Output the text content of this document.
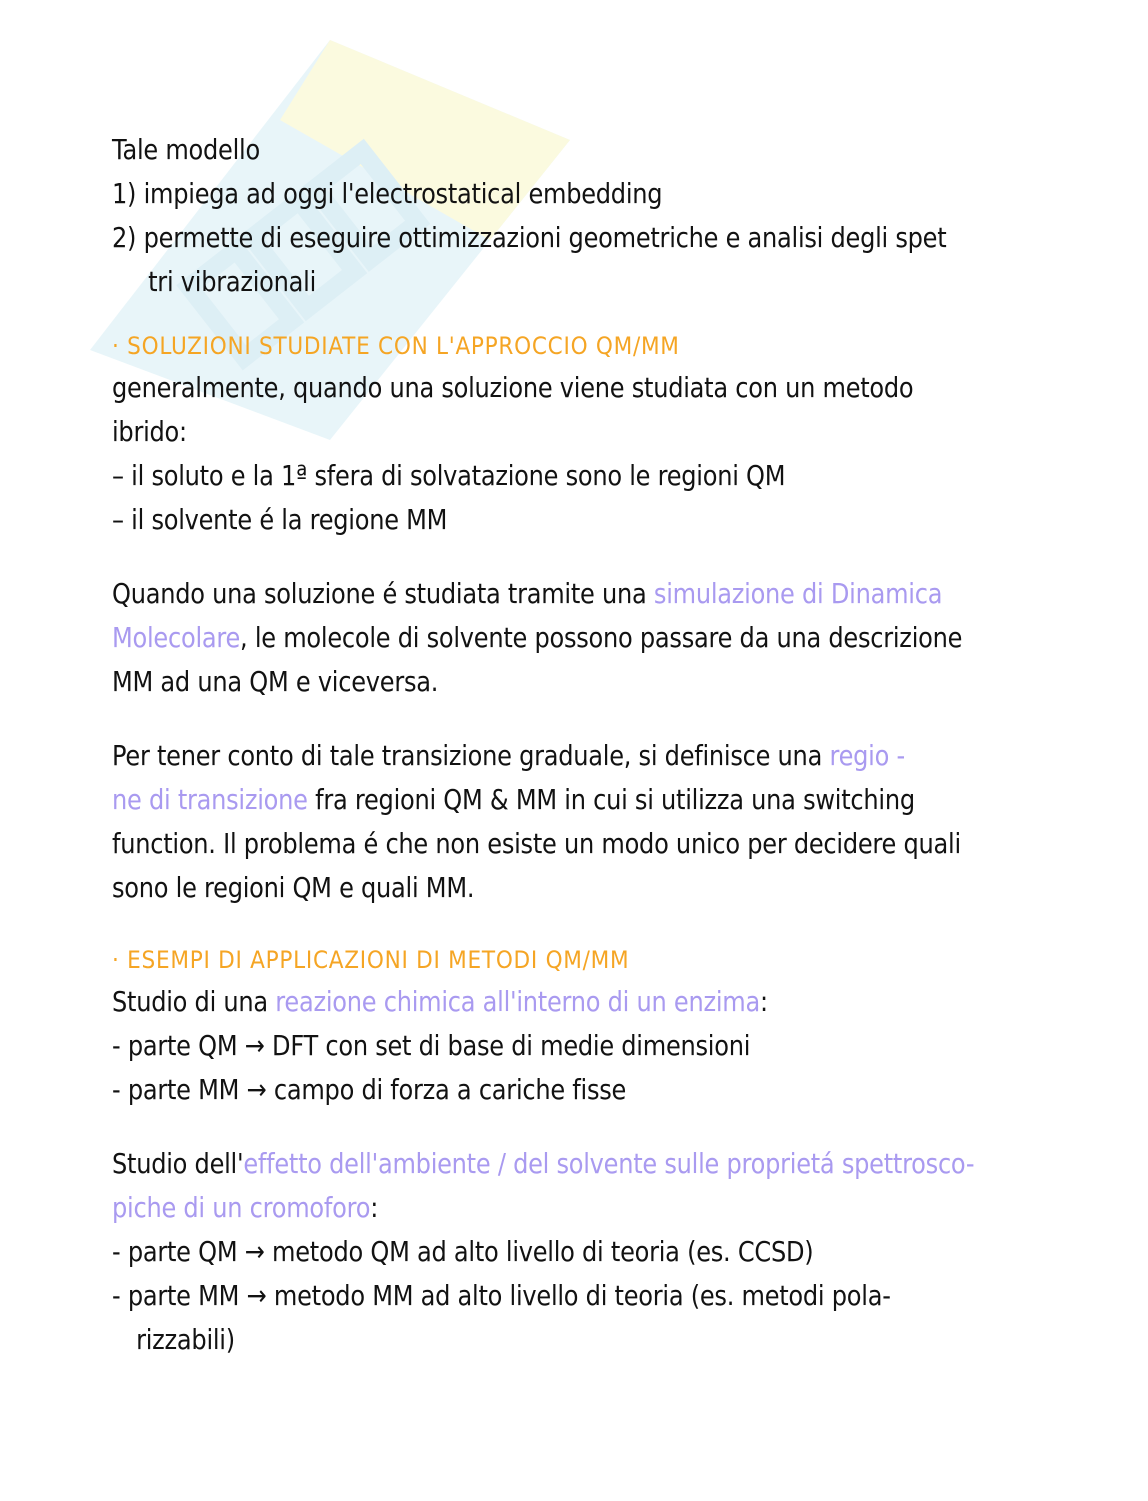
Tale modello
1) impiega ad oggi l'electrostatical embedding
2) permette di eseguire ottimizzazioni geometriche e analisi degli spet
tri vibrazionali
· SOLUZIONI STUDIATE CON L'APPROCCIO QM/MM
generalmente, quando una soluzione viene studiata con un metodo
ibrido:
– il soluto e la 1ª sfera di solvatazione sono le regioni QM
– il solvente é la regione MM
Quando una soluzione é studiata tramite una simulazione di Dinamica
Molecolare, le molecole di solvente possono passare da una descrizione
MM ad una QM e viceversa.
Per tener conto di tale transizione graduale, si definisce una regio -
ne di transizione fra regioni QM & MM in cui si utilizza una switching
function. Il problema é che non esiste un modo unico per decidere quali
sono le regioni QM e quali MM.
· ESEMPI DI APPLICAZIONI DI METODI QM/MM
Studio di una reazione chimica all'interno di un enzima:
- parte QM → DFT con set di base di medie dimensioni
- parte MM → campo di forza a cariche fisse
Studio dell'effetto dell'ambiente / del solvente sulle proprietá spettrosco-
piche di un cromoforo:
- parte QM → metodo QM ad alto livello di teoria (es. CCSD)
- parte MM → metodo MM ad alto livello di teoria (es. metodi pola-
rizzabili)
